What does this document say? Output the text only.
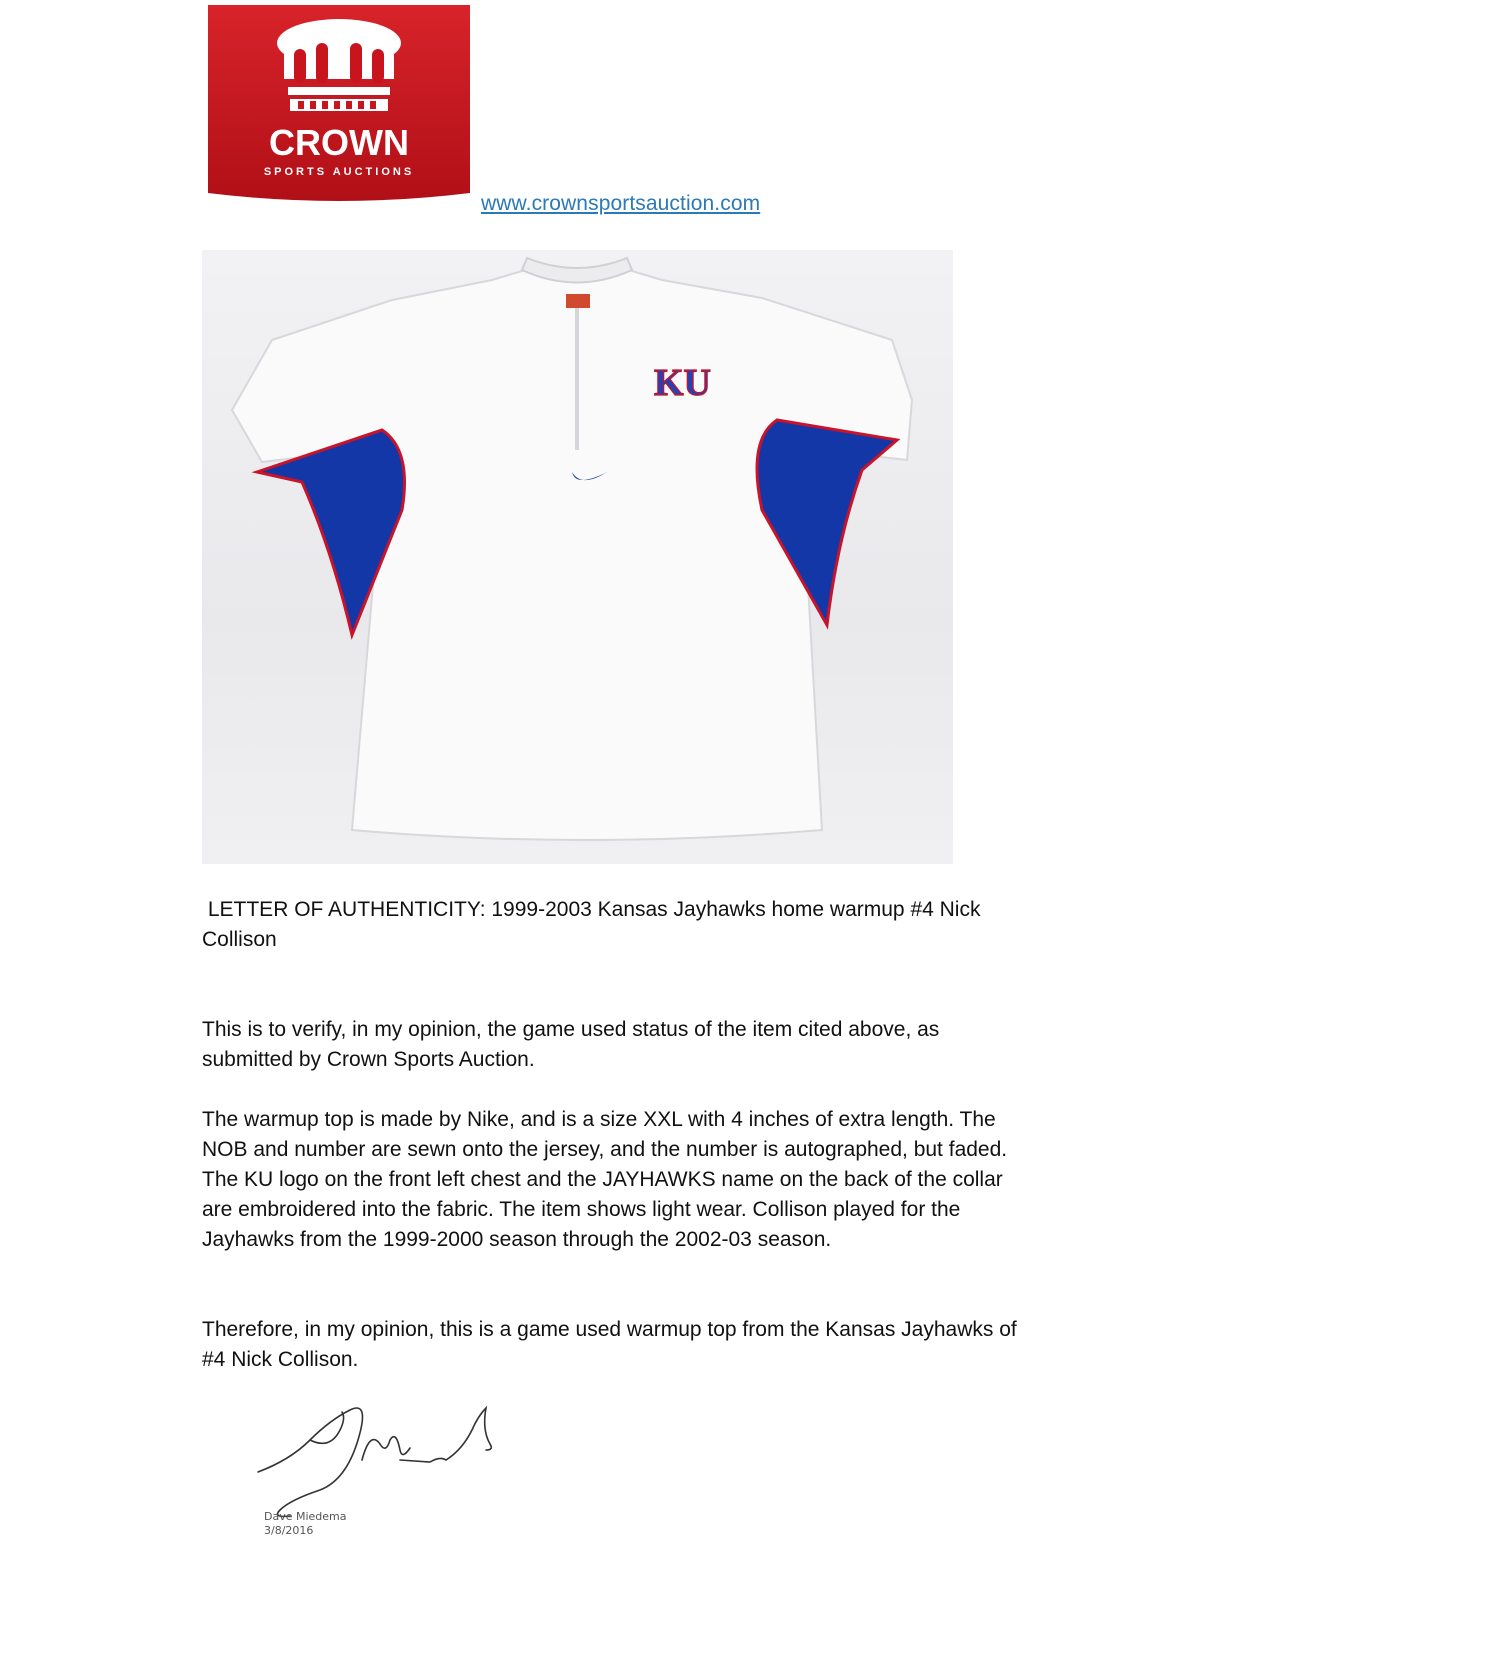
CROWN
SPORTS AUCTIONS
www.crownsportsauction.com
KU

LETTER OF AUTHENTICITY: 1999-2003 Kansas Jayhawks home warmup #4 Nick Collison

This is to verify, in my opinion, the game used status of the item cited above, as submitted by Crown Sports Auction.

The warmup top is made by Nike, and is a size XXL with 4 inches of extra length. The NOB and number are sewn onto the jersey, and the number is autographed, but faded. The KU logo on the front left chest and the JAYHAWKS name on the back of the collar are embroidered into the fabric. The item shows light wear. Collison played for the Jayhawks from the 1999-2000 season through the 2002-03 season.

Therefore, in my opinion, this is a game used warmup top from the Kansas Jayhawks of #4 Nick Collison.

Dave Miedema
3/8/2016
